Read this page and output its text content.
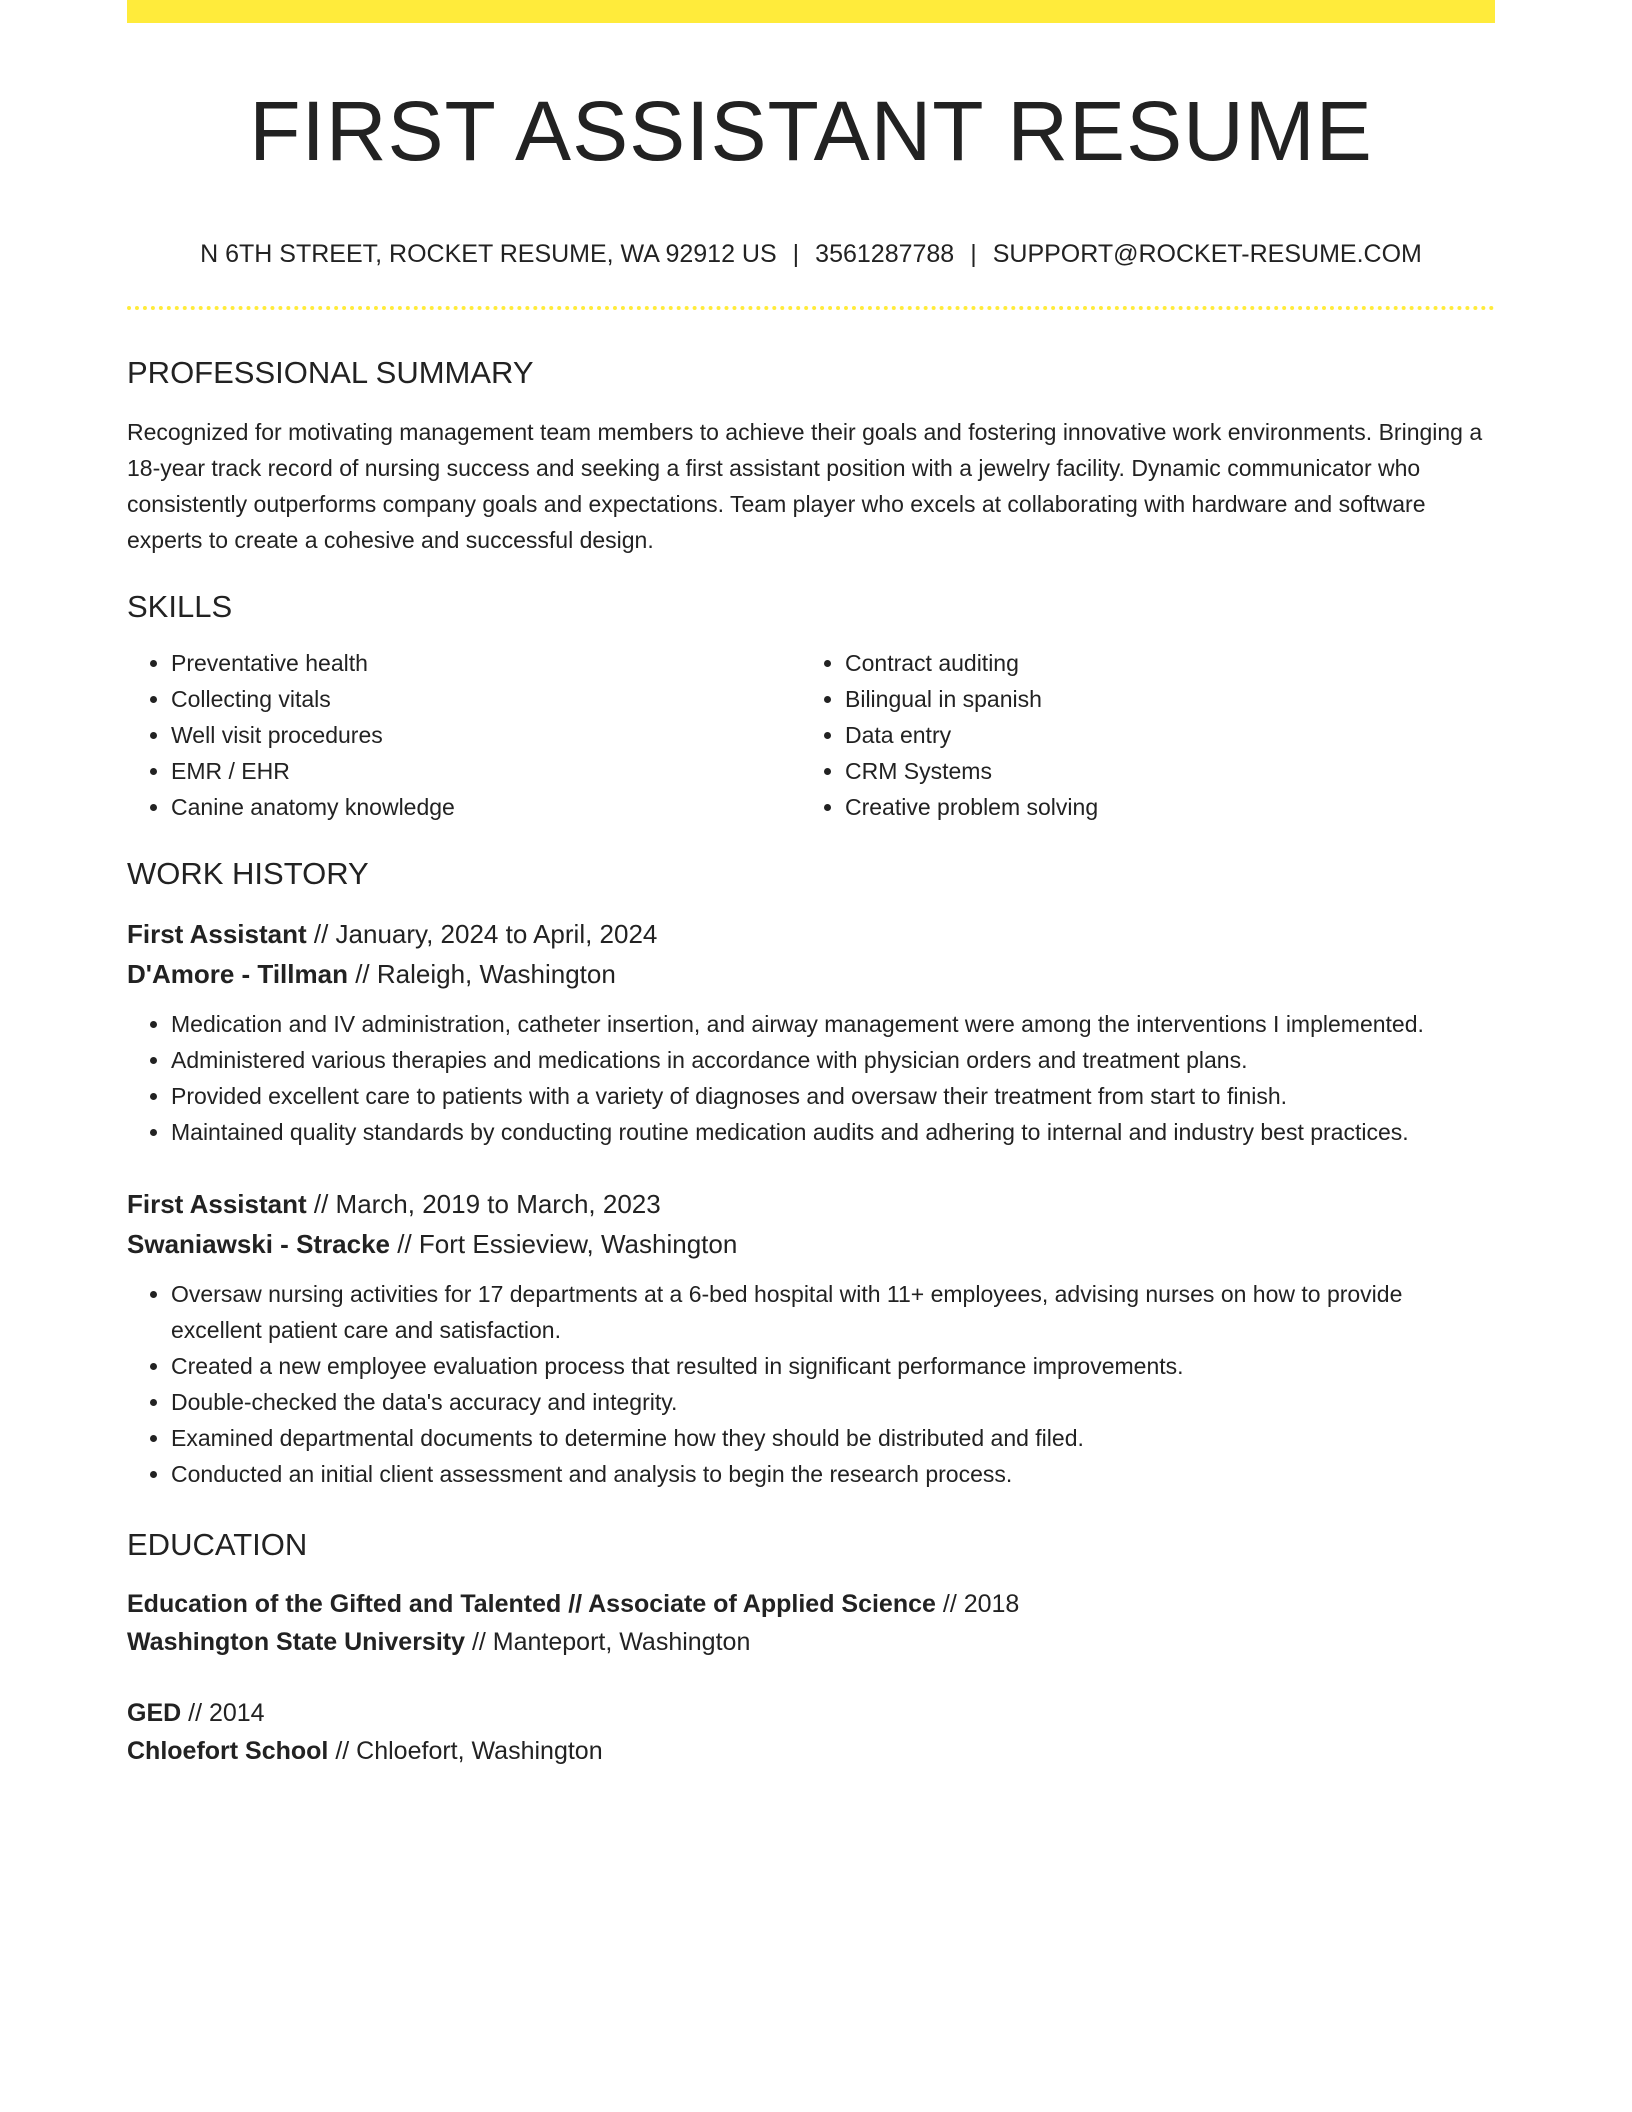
FIRST ASSISTANT RESUME
N 6TH STREET, ROCKET RESUME, WA 92912 US | 3561287788 | SUPPORT@ROCKET-RESUME.COM
PROFESSIONAL SUMMARY
Recognized for motivating management team members to achieve their goals and fostering innovative work environments. Bringing a 18-year track record of nursing success and seeking a first assistant position with a jewelry facility. Dynamic communicator who consistently outperforms company goals and expectations. Team player who excels at collaborating with hardware and software experts to create a cohesive and successful design.
SKILLS
• Preventative health
• Collecting vitals
• Well visit procedures
• EMR / EHR
• Canine anatomy knowledge
• Contract auditing
• Bilingual in spanish
• Data entry
• CRM Systems
• Creative problem solving
WORK HISTORY
First Assistant // January, 2024 to April, 2024
D'Amore - Tillman // Raleigh, Washington
• Medication and IV administration, catheter insertion, and airway management were among the interventions I implemented.
• Administered various therapies and medications in accordance with physician orders and treatment plans.
• Provided excellent care to patients with a variety of diagnoses and oversaw their treatment from start to finish.
• Maintained quality standards by conducting routine medication audits and adhering to internal and industry best practices.
First Assistant // March, 2019 to March, 2023
Swaniawski - Stracke // Fort Essieview, Washington
• Oversaw nursing activities for 17 departments at a 6-bed hospital with 11+ employees, advising nurses on how to provide excellent patient care and satisfaction.
• Created a new employee evaluation process that resulted in significant performance improvements.
• Double-checked the data's accuracy and integrity.
• Examined departmental documents to determine how they should be distributed and filed.
• Conducted an initial client assessment and analysis to begin the research process.
EDUCATION
Education of the Gifted and Talented // Associate of Applied Science // 2018
Washington State University // Manteport, Washington
GED // 2014
Chloefort School // Chloefort, Washington
